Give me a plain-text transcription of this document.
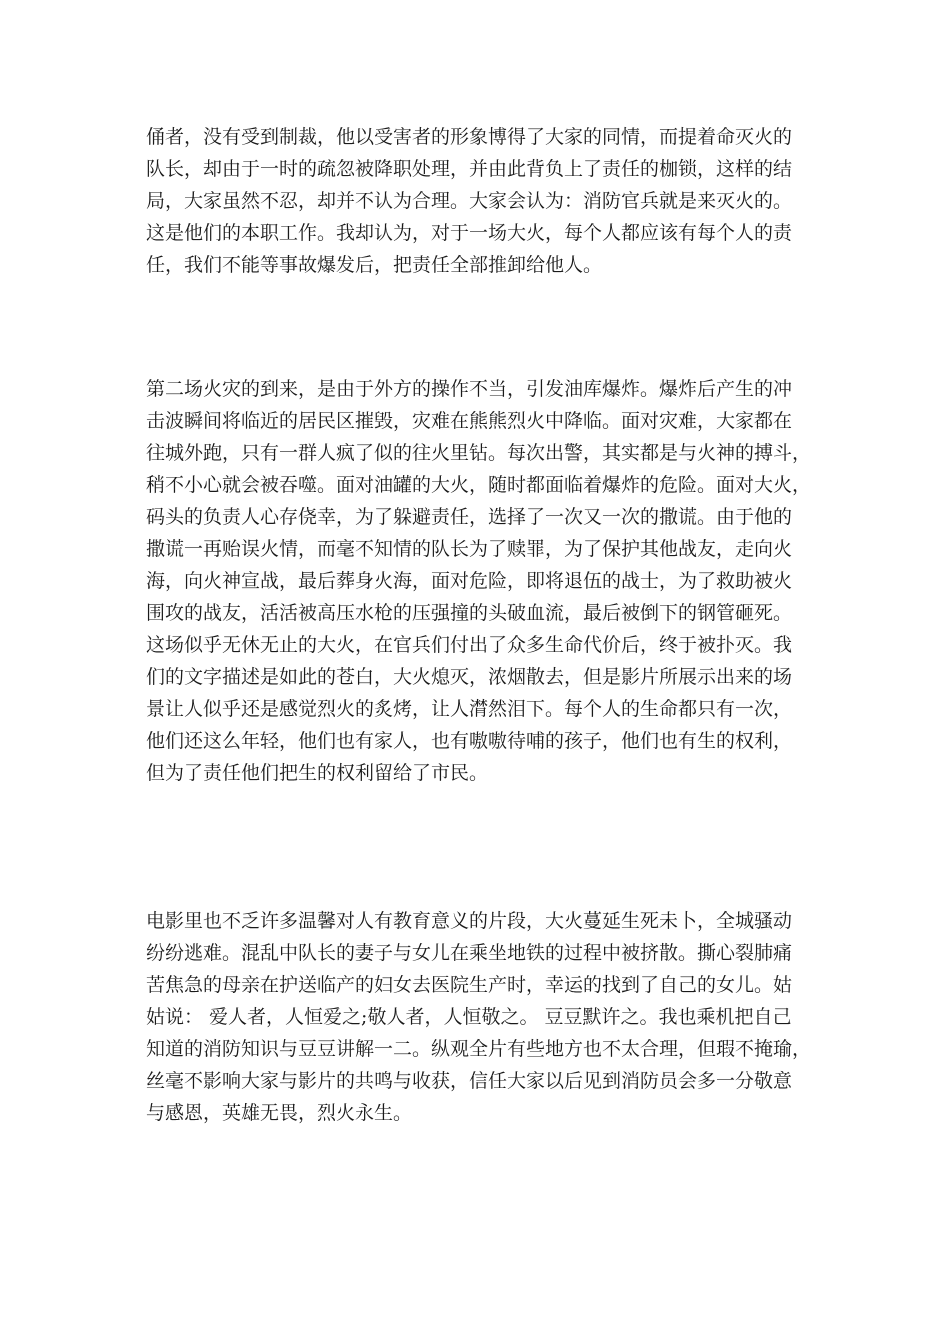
俑者，没有受到制裁，他以受害者的形象博得了大家的同情，而提着命灭火的
队长，却由于一时的疏忽被降职处理，并由此背负上了责任的枷锁，这样的结
局，大家虽然不忍，却并不认为合理。大家会认为：消防官兵就是来灭火的。
这是他们的本职工作。我却认为，对于一场大火，每个人都应该有每个人的责
任，我们不能等事故爆发后，把责任全部推卸给他人。
第二场火灾的到来，是由于外方的操作不当，引发油库爆炸。爆炸后产生的冲
击波瞬间将临近的居民区摧毁，灾难在熊熊烈火中降临。面对灾难，大家都在
往城外跑，只有一群人疯了似的往火里钻。每次出警，其实都是与火神的搏斗，
稍不小心就会被吞噬。面对油罐的大火，随时都面临着爆炸的危险。面对大火，
码头的负责人心存侥幸，为了躲避责任，选择了一次又一次的撒谎。由于他的
撒谎一再贻误火情，而毫不知情的队长为了赎罪，为了保护其他战友，走向火
海，向火神宣战，最后葬身火海，面对危险，即将退伍的战士，为了救助被火
围攻的战友，活活被高压水枪的压强撞的头破血流，最后被倒下的钢管砸死。
这场似乎无休无止的大火，在官兵们付出了众多生命代价后，终于被扑灭。我
们的文字描述是如此的苍白，大火熄灭，浓烟散去，但是影片所展示出来的场
景让人似乎还是感觉烈火的炙烤，让人潸然泪下。每个人的生命都只有一次，
他们还这么年轻，他们也有家人，也有嗷嗷待哺的孩子，他们也有生的权利，
但为了责任他们把生的权利留给了市民。
电影里也不乏许多温馨对人有教育意义的片段，大火蔓延生死未卜，全城骚动
纷纷逃难。混乱中队长的妻子与女儿在乘坐地铁的过程中被挤散。撕心裂肺痛
苦焦急的母亲在护送临产的妇女去医院生产时，幸运的找到了自己的女儿。姑
姑说： 爱人者，人恒爱之;敬人者，人恒敬之。 豆豆默许之。我也乘机把自己
知道的消防知识与豆豆讲解一二。纵观全片有些地方也不太合理，但瑕不掩瑜，
丝毫不影响大家与影片的共鸣与收获，信任大家以后见到消防员会多一分敬意
与感恩，英雄无畏，烈火永生。
